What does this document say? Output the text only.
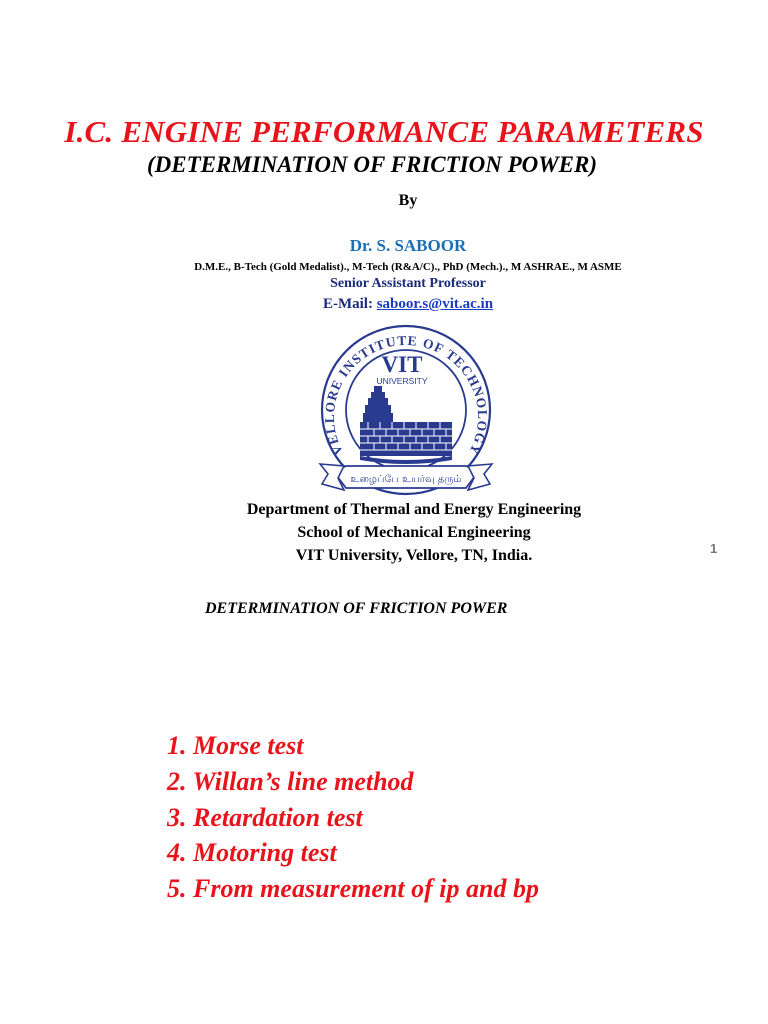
I.C. ENGINE PERFORMANCE PARAMETERS
(DETERMINATION OF FRICTION POWER)
By
Dr. S. SABOOR
D.M.E., B-Tech (Gold Medalist)., M-Tech (R&A/C)., PhD (Mech.)., M ASHRAE., M ASME
Senior Assistant Professor
E-Mail: saboor.s@vit.ac.in
VELLORE INSTITUTE OF TECHNOLOGY
VIT
UNIVERSITY
உழைப்பே உயர்வு தரும்
Department of Thermal and Energy Engineering
School of Mechanical Engineering
VIT University, Vellore, TN, India.	1
DETERMINATION OF FRICTION POWER
1. Morse test
2. Willan’s line method
3. Retardation test
4. Motoring test
5. From measurement of ip and bp
